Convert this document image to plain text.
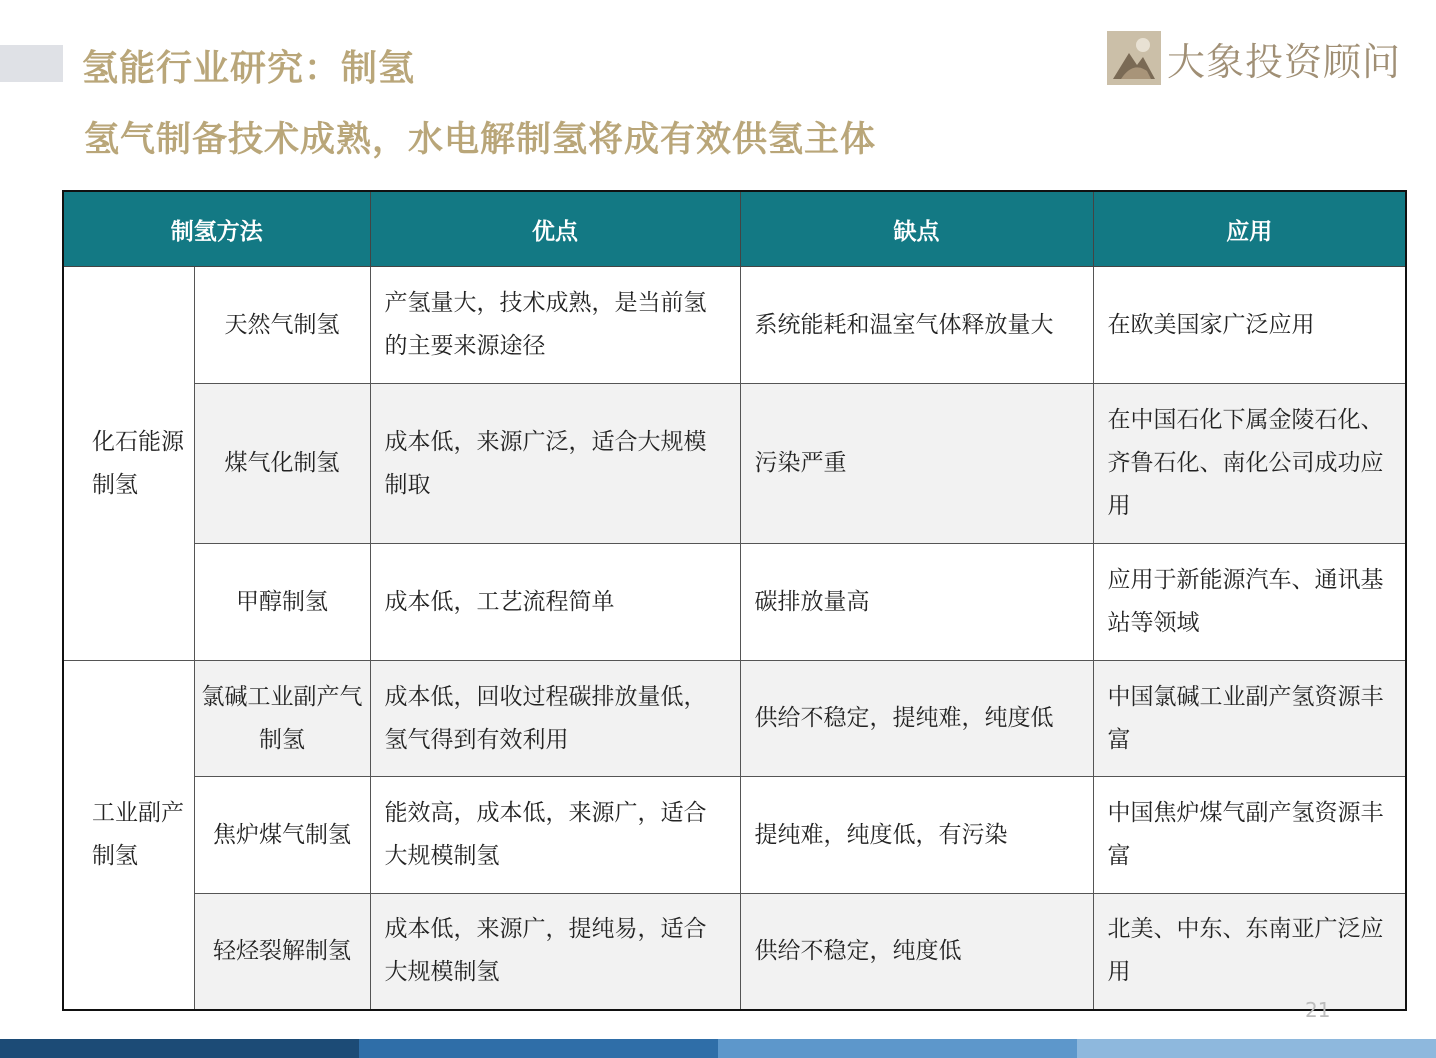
氢能行业研究：制氢
氢气制备技术成熟，水电解制氢将成有效供氢主体
大象投资顾问
制氢方法		优点	缺点	应用
化石能源制氢	天然气制氢	产氢量大，技术成熟，是当前氢的主要来源途径	系统能耗和温室气体释放量大	在欧美国家广泛应用
	煤气化制氢	成本低，来源广泛，适合大规模制取	污染严重	在中国石化下属金陵石化、齐鲁石化、南化公司成功应用
	甲醇制氢	成本低，工艺流程简单	碳排放量高	应用于新能源汽车、通讯基站等领域
工业副产制氢	氯碱工业副产气制氢	成本低，回收过程碳排放量低，氢气得到有效利用	供给不稳定，提纯难，纯度低	中国氯碱工业副产氢资源丰富
	焦炉煤气制氢	能效高，成本低，来源广，适合大规模制氢	提纯难，纯度低，有污染	中国焦炉煤气副产氢资源丰富
	轻烃裂解制氢	成本低，来源广，提纯易，适合大规模制氢	供给不稳定，纯度低	北美、中东、东南亚广泛应用
21
